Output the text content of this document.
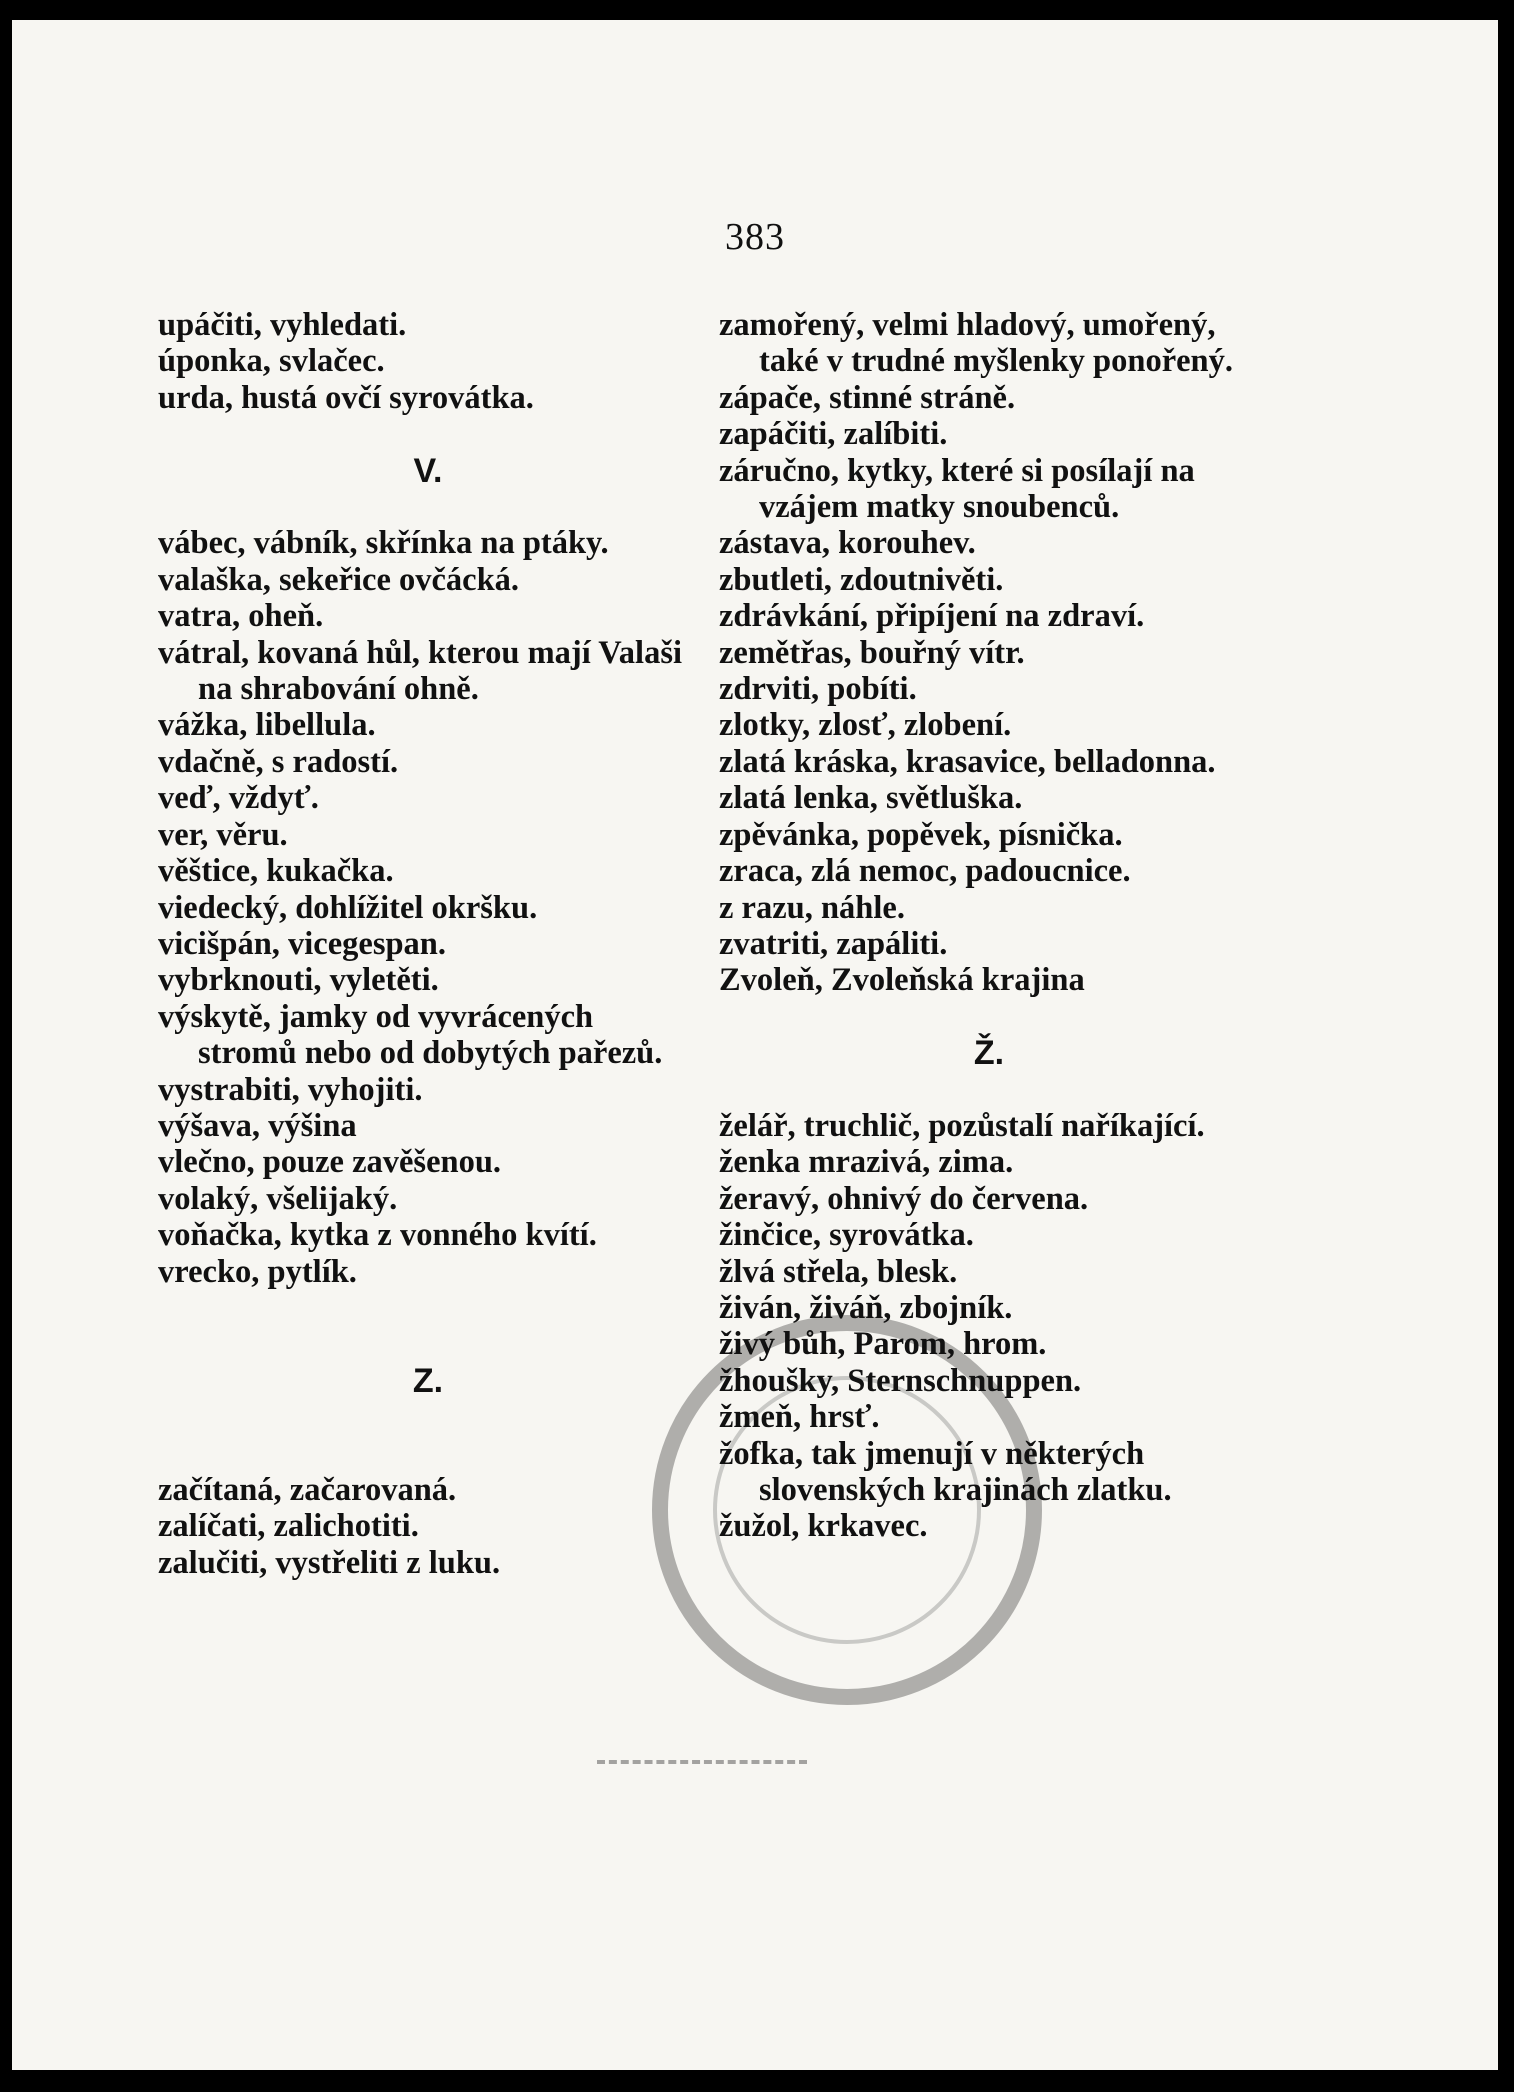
383
upáčiti, vyhledati.
úponka, svlačec.
urda, hustá ovčí syrovátka.

V.

vábec, vábník, skřínka na ptáky.
valaška, sekeřice ovčácká.
vatra, oheň.
vátral, kovaná hůl, kterou mají Valaši na shrabování ohně.
vážka, libellula.
vdačně, s radostí.
veď, vždyť.
ver, věru.
věštice, kukačka.
viedecký, dohlížitel okršku.
vicišpán, vicegespan.
vybrknouti, vyletěti.
výskytě, jamky od vyvrácených stromů nebo od dobytých pařezů.
vystrabiti, vyhojiti.
výšava, výšina
vlečno, pouze zavěšenou.
volaký, všelijaký.
voňačka, kytka z vonného kvítí.
vrecko, pytlík.

Z.

začítaná, začarovaná.
zalíčati, zalichotiti.
zalučiti, vystřeliti z luku.
zamořený, velmi hladový, umořený, také v trudné myšlenky ponořený.
zápače, stinné stráně.
zapáčiti, zalíbiti.
záručno, kytky, které si posílají na vzájem matky snoubenců.
zástava, korouhev.
zbutleti, zdoutnivěti.
zdrávkání, připíjení na zdraví.
zemětřas, bouřný vítr.
zdrviti, pobíti.
zlotky, zlosť, zlobení.
zlatá kráska, krasavice, belladonna.
zlatá lenka, světluška.
zpěvánka, popěvek, písnička.
zraca, zlá nemoc, padoucnice.
z razu, náhle.
zvatriti, zapáliti.
Zvoleň, Zvoleňská krajina

Ž.

želář, truchlič, pozůstalí naříkající.
ženka mrazivá, zima.
žeravý, ohnivý do červena.
žinčice, syrovátka.
žlvá střela, blesk.
živán, živáň, zbojník.
živý bůh, Parom, hrom.
žhoušky, Sternschnuppen.
žmeň, hrsť.
žofka, tak jmenují v některých slovenských krajinách zlatku.
žužol, krkavec.
